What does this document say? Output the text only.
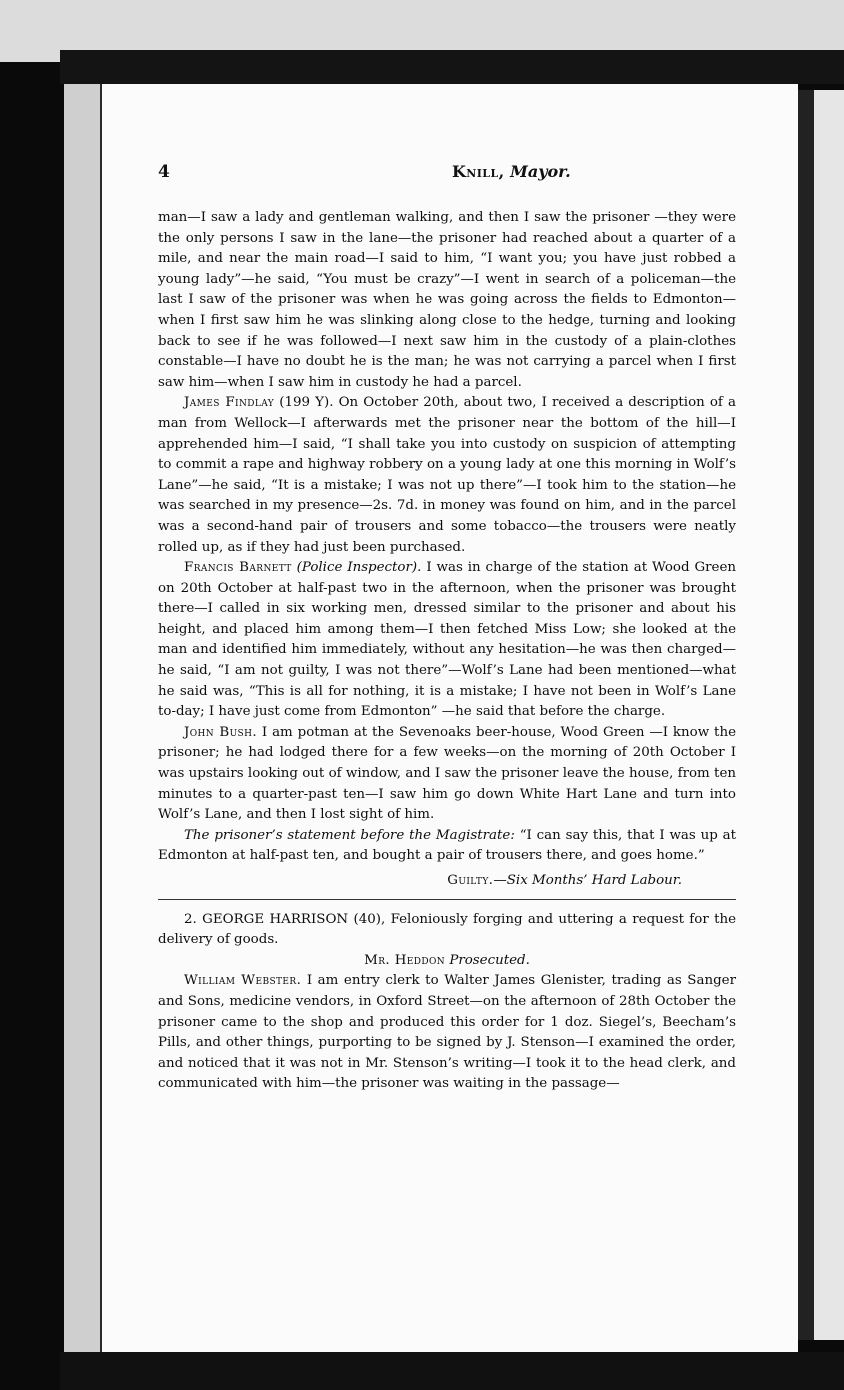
4	Knill, Mayor.

man—I saw a lady and gentleman walking, and then I saw the prisoner —they were the only persons I saw in the lane—the prisoner had reached about a quarter of a mile, and near the main road—I said to him, “I want you; you have just robbed a young lady”—he said, “You must be crazy”—I went in search of a policeman—the last I saw of the prisoner was when he was going across the fields to Edmonton— when I first saw him he was slinking along close to the hedge, turning and looking back to see if he was followed—I next saw him in the custody of a plain-clothes constable—I have no doubt he is the man; he was not carrying a parcel when I first saw him—when I saw him in custody he had a parcel.

James Findlay (199 Y). On October 20th, about two, I received a description of a man from Wellock—I afterwards met the prisoner near the bottom of the hill—I apprehended him—I said, “I shall take you into custody on suspicion of attempting to commit a rape and highway robbery on a young lady at one this morning in Wolf’s Lane”—he said, “It is a mistake; I was not up there”—I took him to the station—he was searched in my presence—2s. 7d. in money was found on him, and in the parcel was a second-hand pair of trousers and some tobacco—the trousers were neatly rolled up, as if they had just been purchased.

Francis Barnett (Police Inspector). I was in charge of the station at Wood Green on 20th October at half-past two in the afternoon, when the prisoner was brought there—I called in six working men, dressed similar to the prisoner and about his height, and placed him among them—I then fetched Miss Low; she looked at the man and identified him immediately, without any hesitation—he was then charged—he said, “I am not guilty, I was not there”—Wolf’s Lane had been mentioned—what he said was, “This is all for nothing, it is a mistake; I have not been in Wolf’s Lane to-day; I have just come from Edmonton” —he said that before the charge.

John Bush. I am potman at the Sevenoaks beer-house, Wood Green —I know the prisoner; he had lodged there for a few weeks—on the morning of 20th October I was upstairs looking out of window, and I saw the prisoner leave the house, from ten minutes to a quarter-past ten—I saw him go down White Hart Lane and turn into Wolf’s Lane, and then I lost sight of him.

The prisoner’s statement before the Magistrate: “I can say this, that I was up at Edmonton at half-past ten, and bought a pair of trousers there, and goes home.”

Guilty.—Six Months’ Hard Labour.

2. GEORGE HARRISON (40), Feloniously forging and uttering a request for the delivery of goods.

Mr. Heddon Prosecuted.

William Webster. I am entry clerk to Walter James Glenister, trading as Sanger and Sons, medicine vendors, in Oxford Street—on the afternoon of 28th October the prisoner came to the shop and produced this order for 1 doz. Siegel’s, Beecham’s Pills, and other things, purporting to be signed by J. Stenson—I examined the order, and noticed that it was not in Mr. Stenson’s writing—I took it to the head clerk, and communicated with him—the prisoner was waiting in the passage—
